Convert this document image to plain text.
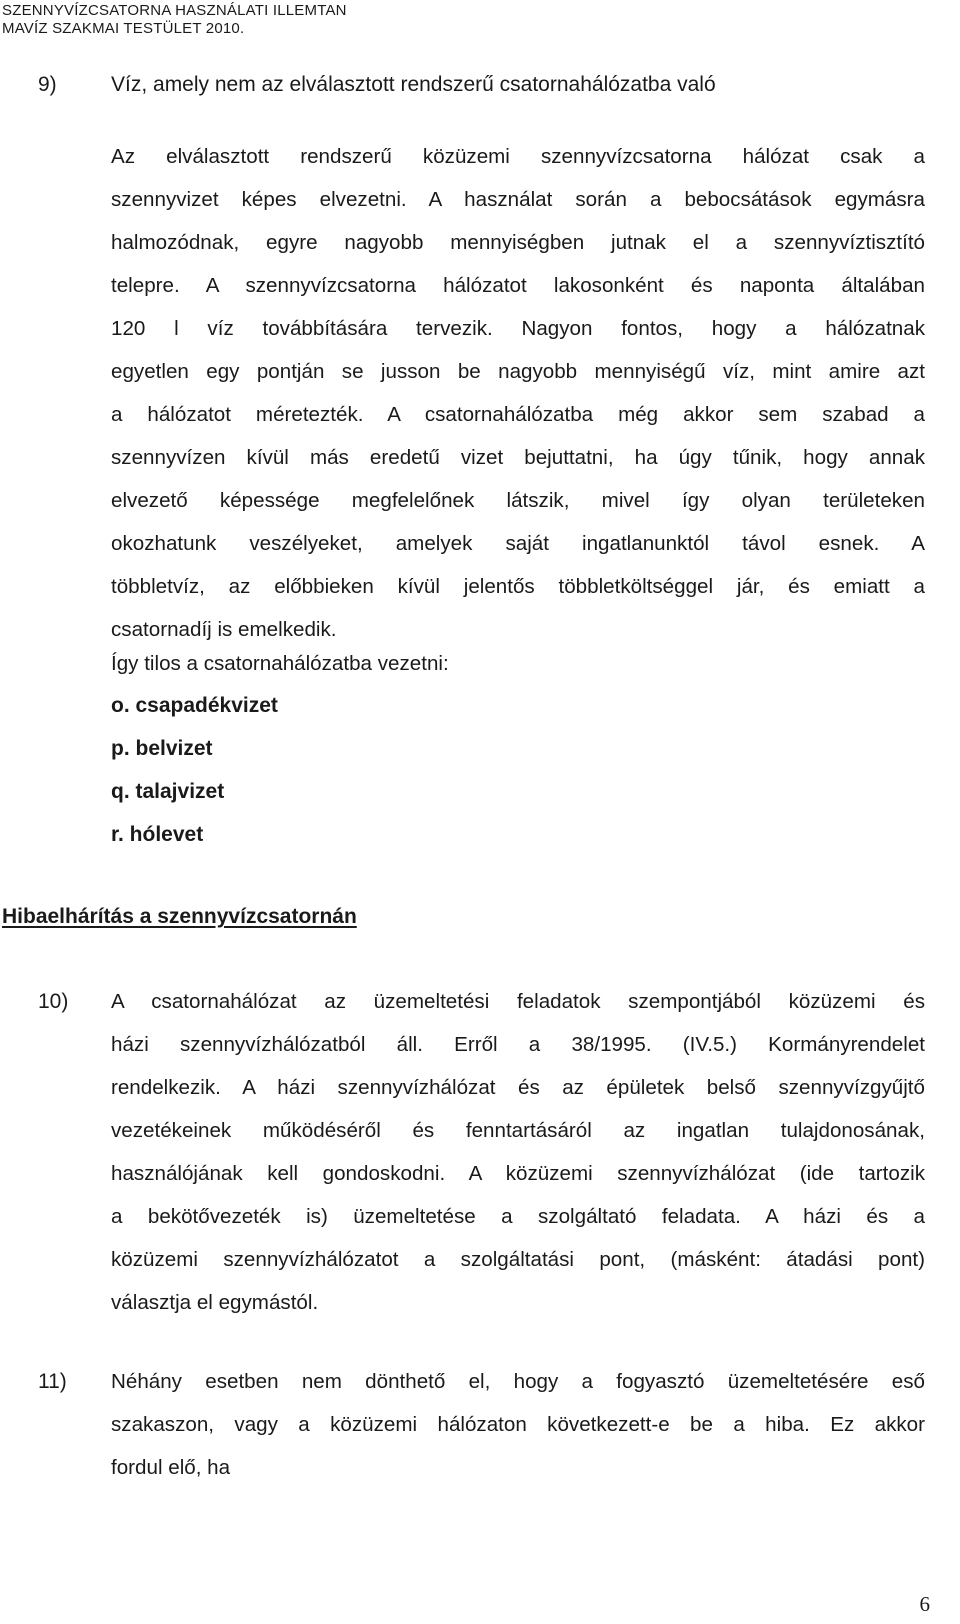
SZENNYVÍZCSATORNA HASZNÁLATI ILLEMTAN
MAVÍZ SZAKMAI TESTÜLET 2010.
9)	Víz, amely nem az elválasztott rendszerű csatornahálózatba való
Az elválasztott rendszerű közüzemi szennyvízcsatorna hálózat csak a
szennyvizet képes elvezetni. A használat során a bebocsátások egymásra
halmozódnak, egyre nagyobb mennyiségben jutnak el a szennyvíztisztító
telepre. A szennyvízcsatorna hálózatot lakosonként és naponta általában
120 l víz továbbítására tervezik. Nagyon fontos, hogy a hálózatnak
egyetlen egy pontján se jusson be nagyobb mennyiségű víz, mint amire azt
a hálózatot méretezték. A csatornahálózatba még akkor sem szabad a
szennyvízen kívül más eredetű vizet bejuttatni, ha úgy tűnik, hogy annak
elvezető képessége megfelelőnek látszik, mivel így olyan területeken
okozhatunk veszélyeket, amelyek saját ingatlanunktól távol esnek. A
többletvíz, az előbbieken kívül jelentős többletköltséggel jár, és emiatt a
csatornadíj is emelkedik.
Így tilos a csatornahálózatba vezetni:
o. csapadékvizet
p. belvizet
q. talajvizet
r. hólevet
Hibaelhárítás a szennyvízcsatornán
10) A csatornahálózat az üzemeltetési feladatok szempontjából közüzemi és
házi szennyvízhálózatból áll. Erről a 38/1995. (IV.5.) Kormányrendelet
rendelkezik. A házi szennyvízhálózat és az épületek belső szennyvízgyűjtő
vezetékeinek működéséről és fenntartásáról az ingatlan tulajdonosának,
használójának kell gondoskodni. A közüzemi szennyvízhálózat (ide tartozik
a bekötővezeték is) üzemeltetése a szolgáltató feladata. A házi és a
közüzemi szennyvízhálózatot a szolgáltatási pont, (másként: átadási pont)
választja el egymástól.
11) Néhány esetben nem dönthető el, hogy a fogyasztó üzemeltetésére eső
szakaszon, vagy a közüzemi hálózaton következett-e be a hiba. Ez akkor
fordul elő, ha
6
